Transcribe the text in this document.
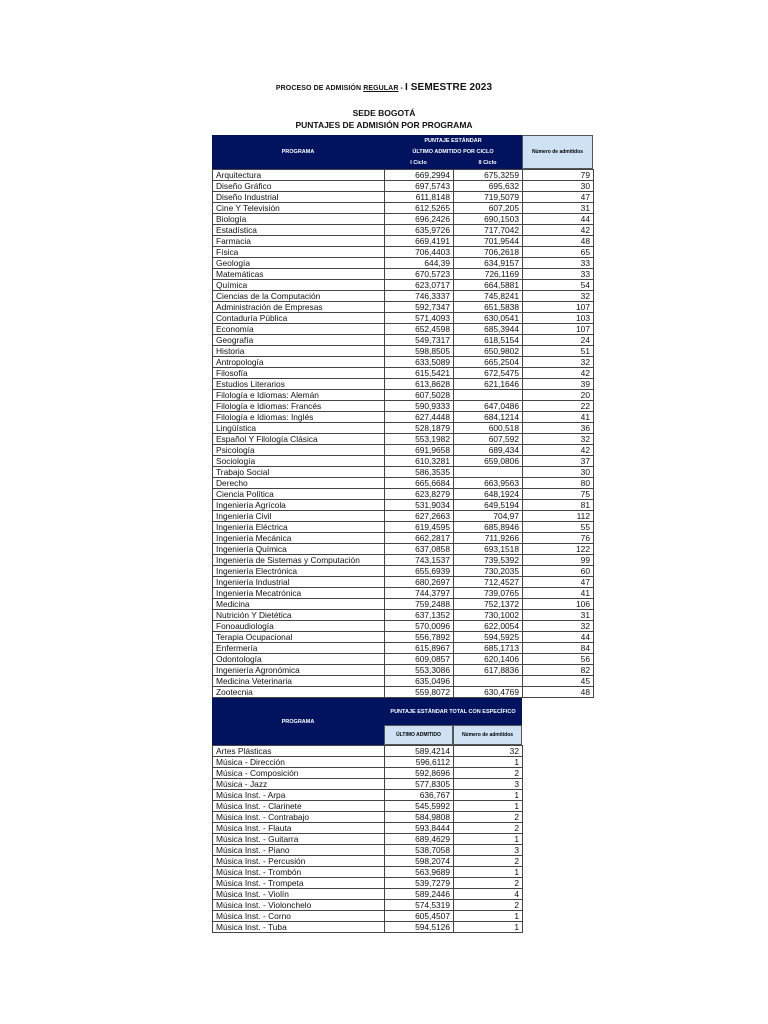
PROCESO DE ADMISIÓN REGULAR - I SEMESTRE 2023
SEDE BOGOTÁ
PUNTAJES DE ADMISIÓN POR PROGRAMA
PROGRAMA
PUNTAJE ESTÁNDAR
ÚLTIMO ADMITIDO POR CICLO
I Ciclo	II Ciclo
Número de admitidos
Arquitectura	669,2994	675,3259	79
Diseño Gráfico	697,5743	695,632	30
Diseño Industrial	611,8148	719,5079	47
Cine Y Televisión	612,5265	607,205	31
Biología	696,2426	690,1503	44
Estadística	635,9726	717,7042	42
Farmacia	669,4191	701,9544	48
Física	706,4403	706,2618	65
Geología	644,39	634,9157	33
Matemáticas	670,5723	726,1169	33
Química	623,0717	664,5881	54
Ciencias de la Computación	746,3337	745,8241	32
Administración de Empresas	592,7347	651,5838	107
Contaduría Pública	571,4093	630,0541	103
Economía	652,4598	685,3944	107
Geografía	549,7317	618,5154	24
Historia	598,8505	650,9802	51
Antropología	633,5089	665,2504	32
Filosofía	615,5421	672,5475	42
Estudios Literarios	613,8628	621,1646	39
Filología e Idiomas: Alemán	607,5028		20
Filología e Idiomas: Francés	590,9333	647,0486	22
Filología e Idiomas: Inglés	627,4448	684,1214	41
Lingüística	528,1879	600,518	36
Español Y Filología Clásica	553,1982	607,592	32
Psicología	691,9658	689,434	42
Sociología	610,3281	659,0806	37
Trabajo Social	586,3535		30
Derecho	665,6684	663,9563	80
Ciencia Política	623,8279	648,1924	75
Ingeniería Agrícola	531,9034	649,5194	81
Ingeniería Civil	627,2663	704,97	112
Ingeniería Eléctrica	619,4595	685,8946	55
Ingeniería Mecánica	662,2817	711,9266	76
Ingeniería Química	637,0858	693,1518	122
Ingeniería de Sistemas y Computación	743,1537	739,5392	99
Ingeniería Electrónica	655,6939	730,2035	60
Ingeniería Industrial	680,2697	712,4527	47
Ingeniería Mecatrónica	744,3797	739,0765	41
Medicina	759,2488	752,1372	106
Nutrición Y Dietética	637,1352	730,1002	31
Fonoaudiología	570,0096	622,0054	32
Terapia Ocupacional	556,7892	594,5925	44
Enfermería	615,8967	685,1713	84
Odontología	609,0857	620,1406	56
Ingeniería Agronómica	553,3086	617,8836	82
Medicina Veterinaria	635,0496		45
Zootecnia	559,8072	630,4769	48
PROGRAMA
PUNTAJE ESTÁNDAR TOTAL CON ESPECÍFICO
ÚLTIMO ADMITIDO	Número de admitidos
Artes Plásticas	589,4214	32
Música - Dirección	596,6112	1
Música - Composición	592,8696	2
Música - Jazz	577,8305	3
Música Inst. - Arpa	636,767	1
Música Inst. - Clarinete	545,5992	1
Música Inst. - Contrabajo	584,9808	2
Música Inst. - Flauta	593,8444	2
Música Inst. - Guitarra	689,4629	1
Música Inst. - Piano	538,7058	3
Música Inst. - Percusión	598,2074	2
Música Inst. - Trombón	563,9689	1
Música Inst. - Trompeta	539,7279	2
Música Inst. - Violín	589,2446	4
Música Inst. - Violonchelo	574,5319	2
Música Inst. - Corno	605,4507	1
Música Inst. - Tuba	594,5126	1
